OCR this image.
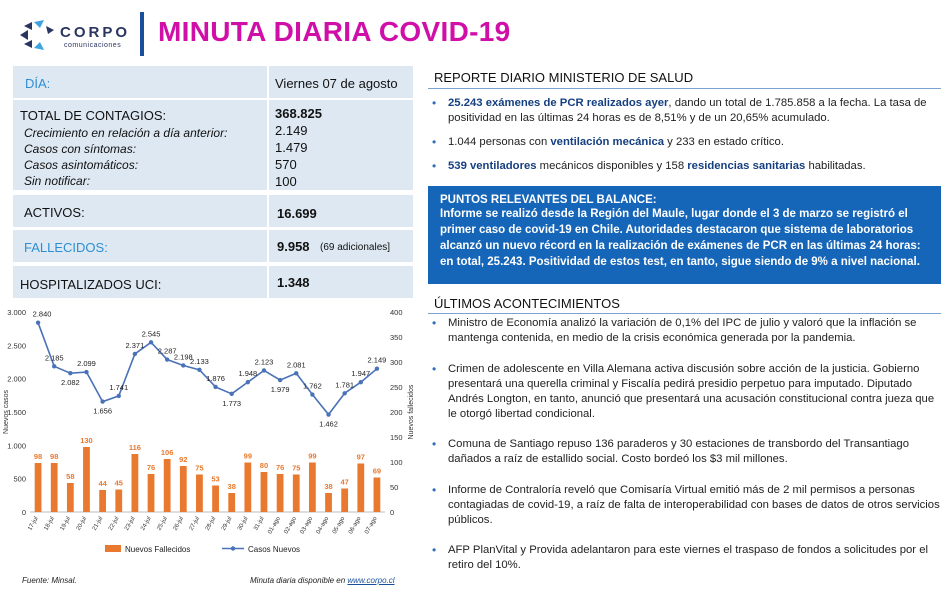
CORPO
comunicaciones MINUTA DIARIA COVID-19
DÍA:	Viernes 07 de agosto
TOTAL DE CONTAGIOS:	368.825
Crecimiento en relación a día anterior:	2.149
Casos con síntomas:	1.479
Casos asintomáticos:	570
Sin notificar:	100
ACTIVOS:	16.699
FALLECIDOS:	9.958 (69 adicionales]
HOSPITALIZADOS UCI:	1.348
0
500
1.000
1.500
2.000
2.500
3.000
0
50
100
150
200
250
300
350
400
Nuevos casos	Nuevos fallecidos
98 98
58
130
44 45
116
76
106
92
75
53
38
99
80 76 75
99
38 47
97
69
2.840
2.185
2.082
2.099
1.656
1.741
2.371
2.545
2.287
2.198
2.133
1.876
1.773
1.948
2.123
1.979
2.081
1.762
1.462
1.781
1.947
2.149
17-jul 18-jul 19-jul 20-jul 21-jul 22-jul 23-jul 24-jul 25-jul 26-jul 27-jul 28-jul 29-jul 30-jul 31-jul 01-ago 02-ago 03-ago 04-ago 05-ago 06-ago 07-ago
Nuevos Fallecidos	Casos Nuevos
Fuente: Minsal.	Minuta diaria disponible en www.corpo.cl
REPORTE DIARIO MINISTERIO DE SALUD
• 25.243 exámenes de PCR realizados ayer, dando un total de 1.785.858 a la fecha. La tasa de positividad en las últimas 24 horas es de 8,51% y de un 20,65% acumulado.
• 1.044 personas con ventilación mecánica y 233 en estado crítico.
• 539 ventiladores mecánicos disponibles y 158 residencias sanitarias habilitadas.
PUNTOS RELEVANTES DEL BALANCE:
Informe se realizó desde la Región del Maule, lugar donde el 3 de marzo se registró el primer caso de covid-19 en Chile. Autoridades destacaron que sistema de laboratorios alcanzó un nuevo récord en la realización de exámenes de PCR en las últimas 24 horas: en total, 25.243. Positividad de estos test, en tanto, sigue siendo de 9% a nivel nacional.
ÚLTIMOS ACONTECIMIENTOS
• Ministro de Economía analizó la variación de 0,1% del IPC de julio y valoró que la inflación se mantenga contenida, en medio de la crisis económica generada por la pandemia.
• Crimen de adolescente en Villa Alemana activa discusión sobre acción de la justicia. Gobierno presentará una querella criminal y Fiscalía pedirá presidio perpetuo para imputado. Diputado Andrés Longton, en tanto, anunció que presentará una acusación constitucional contra jueza que le otorgó libertad condicional.
• Comuna de Santiago repuso 136 paraderos y 30 estaciones de transbordo del Transantiago dañados a raíz de estallido social. Costo bordeó los $3 mil millones.
• Informe de Contraloría reveló que Comisaría Virtual emitió más de 2 mil permisos a personas contagiadas de covid-19, a raíz de falta de interoperabilidad con bases de datos de otros servicios públicos.
• AFP PlanVital y Provida adelantaron para este viernes el traspaso de fondos a solicitudes por el retiro del 10%.
